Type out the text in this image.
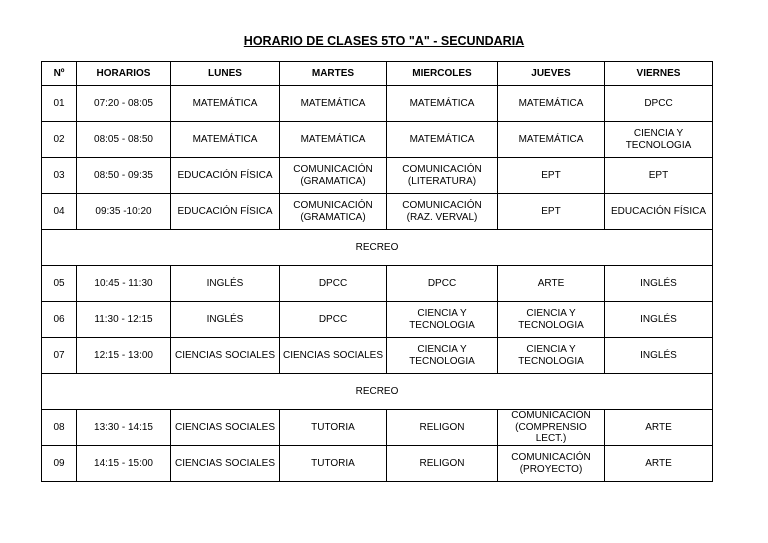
HORARIO DE CLASES 5TO "A" - SECUNDARIA
Nº	HORARIOS	LUNES	MARTES	MIERCOLES	JUEVES	VIERNES
01	07:20 - 08:05	MATEMÁTICA	MATEMÁTICA	MATEMÁTICA	MATEMÁTICA	DPCC
02	08:05 - 08:50	MATEMÁTICA	MATEMÁTICA	MATEMÁTICA	MATEMÁTICA	CIENCIA Y TECNOLOGIA
03	08:50 - 09:35	EDUCACIÓN FÍSICA	COMUNICACIÓN (GRAMATICA)	COMUNICACIÓN (LITERATURA)	EPT	EPT
04	09:35 -10:20	EDUCACIÓN FÍSICA	COMUNICACIÓN (GRAMATICA)	COMUNICACIÓN (RAZ. VERVAL)	EPT	EDUCACIÓN FÍSICA
RECREO						
05	10:45 - 11:30	INGLÉS	DPCC	DPCC	ARTE	INGLÉS
06	11:30 - 12:15	INGLÉS	DPCC	CIENCIA Y TECNOLOGIA	CIENCIA Y TECNOLOGIA	INGLÉS
07	12:15 - 13:00	CIENCIAS SOCIALES	CIENCIAS SOCIALES	CIENCIA Y TECNOLOGIA	CIENCIA Y TECNOLOGIA	INGLÉS
RECREO						
08	13:30 - 14:15	CIENCIAS SOCIALES	TUTORIA	RELIGON	COMUNICACIÓN (COMPRENSIO LECT.)	ARTE
09	14:15 - 15:00	CIENCIAS SOCIALES	TUTORIA	RELIGON	COMUNICACIÓN (PROYECTO)	ARTE
